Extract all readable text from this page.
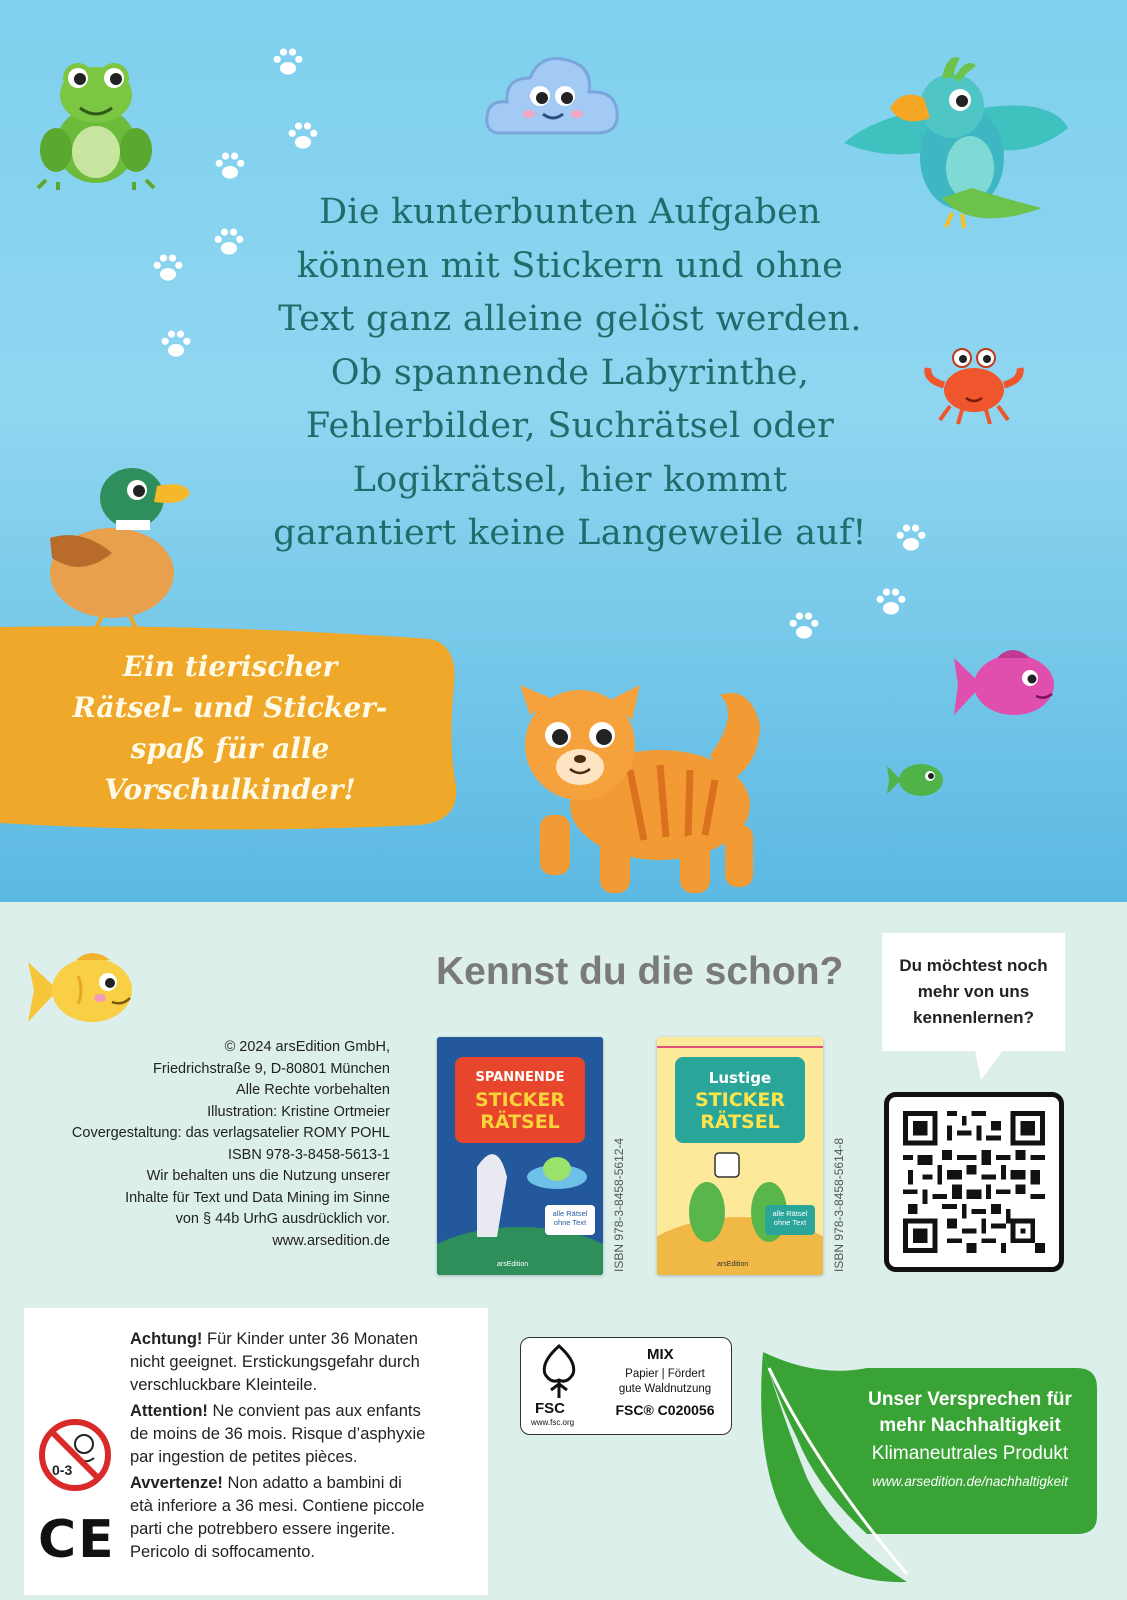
Die kunterbunten Aufgaben
können mit Stickern und ohne
Text ganz alleine gelöst werden.
Ob spannende Labyrinthe,
Fehlerbilder, Suchrätsel oder
Logikrätsel, hier kommt
garantiert keine Langeweile auf!
Ein tierischer
Rätsel- und Sticker-
spaß für alle
Vorschulkinder!
Kennst du die schon?
© 2024 arsEdition GmbH,
Friedrichstraße 9, D-80801 München
Alle Rechte vorbehalten
Illustration: Kristine Ortmeier
Covergestaltung: das verlagsatelier ROMY POHL
ISBN 978-3-8458-5613-1
Wir behalten uns die Nutzung unserer
Inhalte für Text und Data Mining im Sinne
von § 44b UrhG ausdrücklich vor.
www.arsedition.de
SPANNENDE
STICKER
RÄTSEL
alle Rätsel
ohne Text
arsEdition	ISBN 978-3-8458-5612-4
Lustige
STICKER
RÄTSEL
alle Rätsel
ohne Text
arsEdition	ISBN 978-3-8458-5614-8
Du möchtest noch
mehr von uns
kennenlernen?
0-3
CE

Achtung! Für Kinder unter 36 Monaten
nicht geeignet. Erstickungsgefahr durch
verschluckbare Kleinteile.

Attention! Ne convient pas aux enfants
de moins de 36 mois. Risque d’asphyxie
par ingestion de petites pièces.

Avvertenze! Non adatto a bambini di
età inferiore a 36 mesi. Contiene piccole
parti che potrebbero essere ingerite.
Pericolo di soffocamento.

FSC
www.fsc.org
MIX
Papier | Fördert
gute Waldnutzung
FSC® C020056	Unser Versprechen für
mehr Nachhaltigkeit
Klimaneutrales Produkt
www.arsedition.de/nachhaltigkeit
